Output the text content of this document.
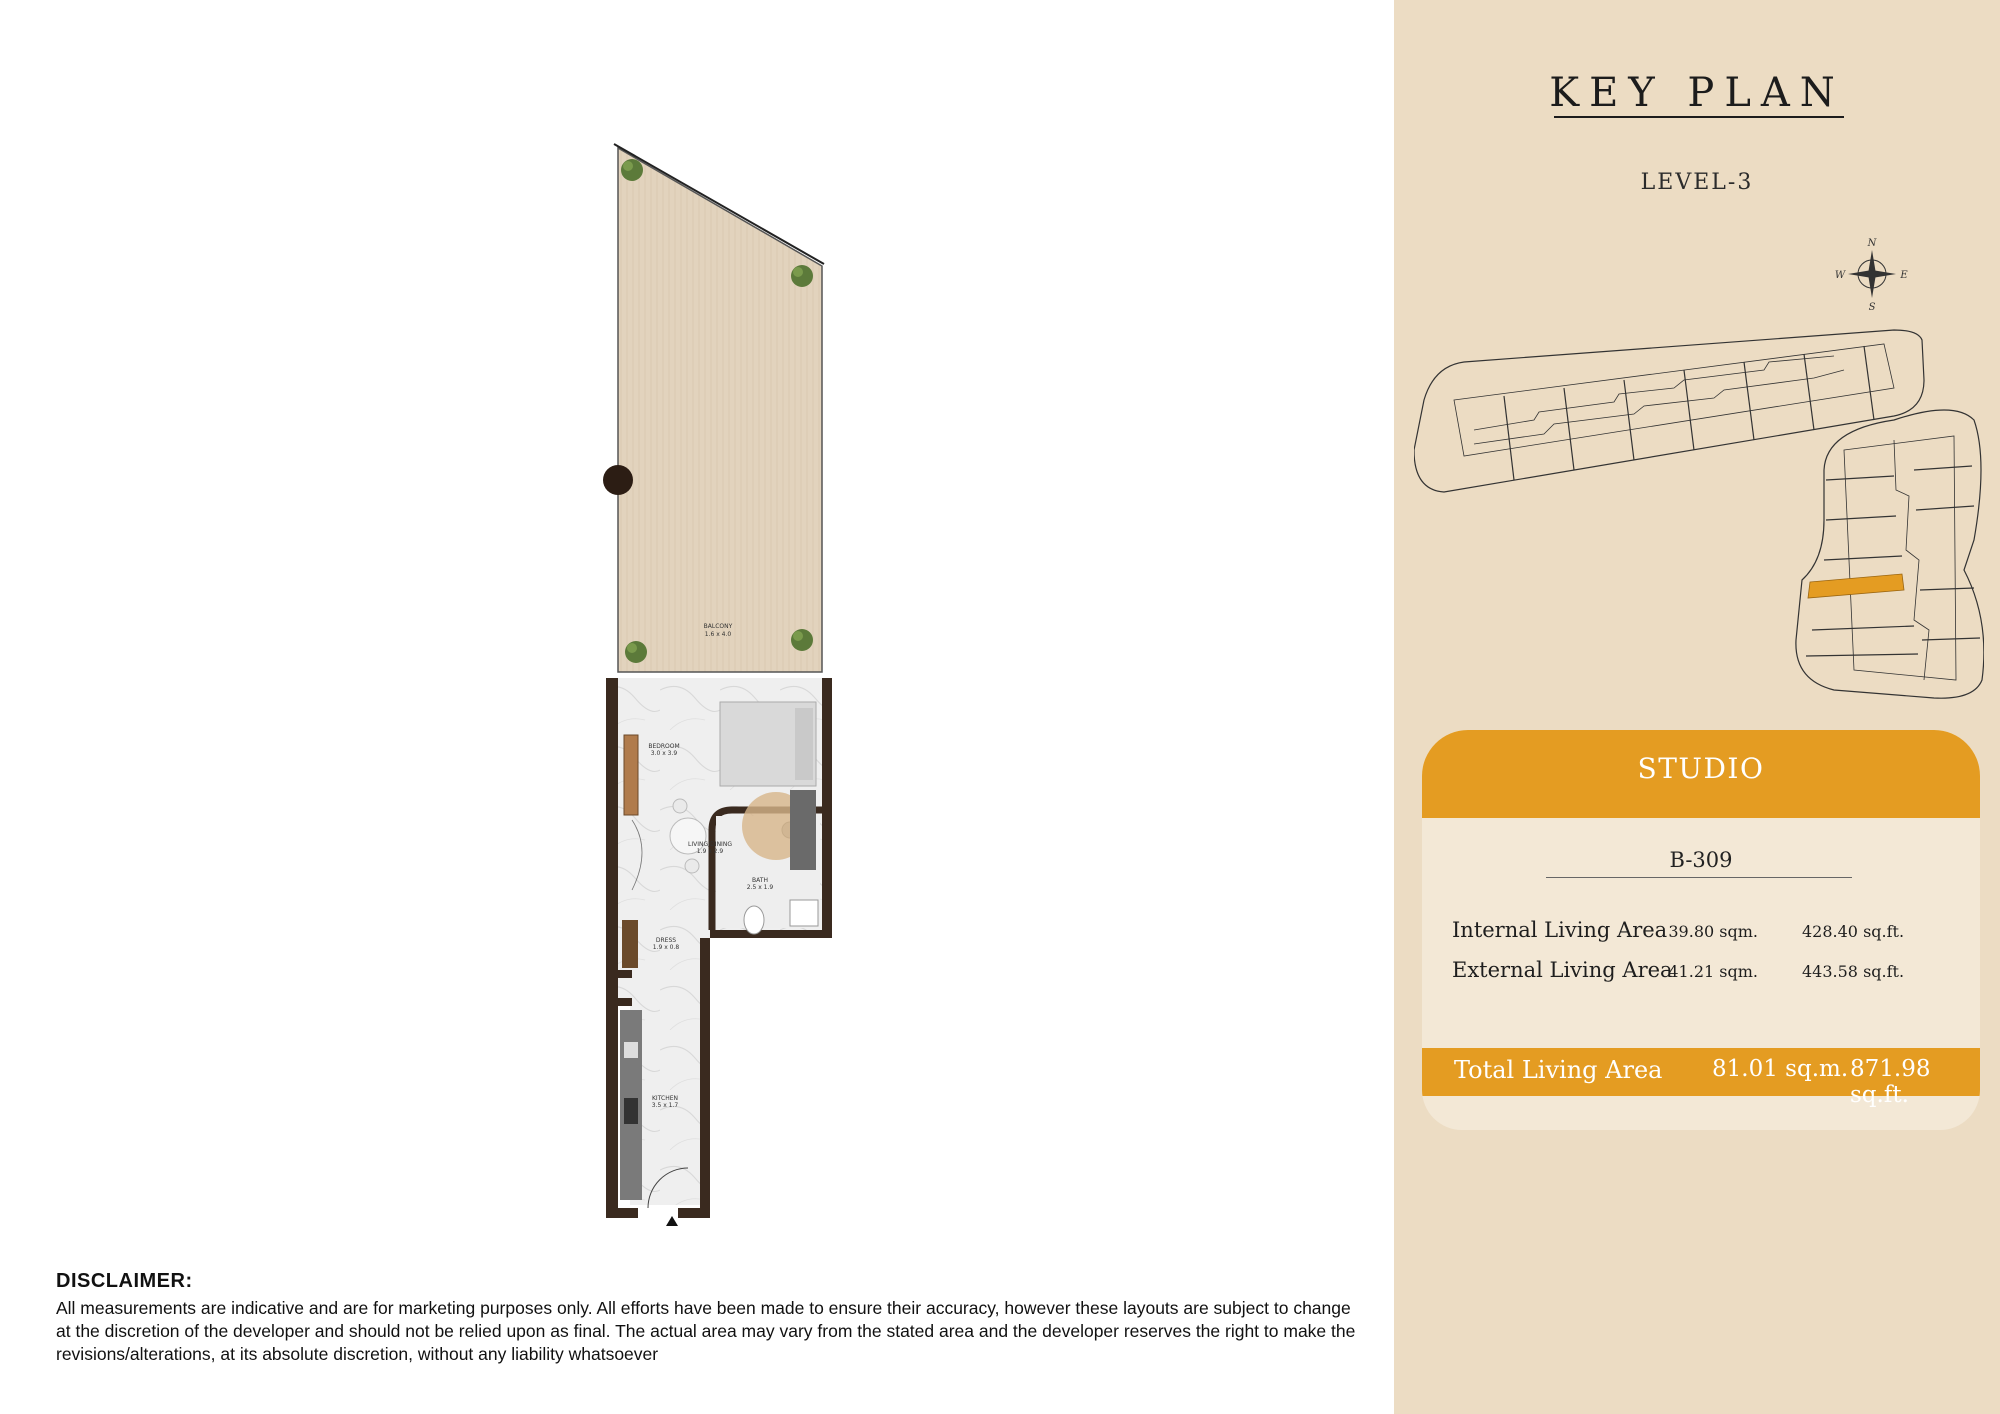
BALCONY
1.6 x 4.0
BATH
2.5 x 1.9
BEDROOM
3.0 x 3.9
LIVING/DINING
1.9 x 2.9
DRESS
1.9 x 0.8
KITCHEN
3.5 x 1.7
DISCLAIMER:
All measurements are indicative and are for marketing purposes only. All efforts have been made to ensure their accuracy, however these layouts are subject to change at the discretion of the developer and should not be relied upon as final. The actual area may vary from the stated area and the developer reserves the right to make the revisions/alterations, at its absolute discretion, without any liability whatsoever
KEY PLAN
LEVEL-3
N
S
E
W
STUDIO
B-309
Internal Living Area 39.80 sqm.	428.40 sq.ft.
External Living Area
41.21 sqm.	443.58 sq.ft.
Total Living Area 81.01 sq.m. 871.98 sq.ft.
